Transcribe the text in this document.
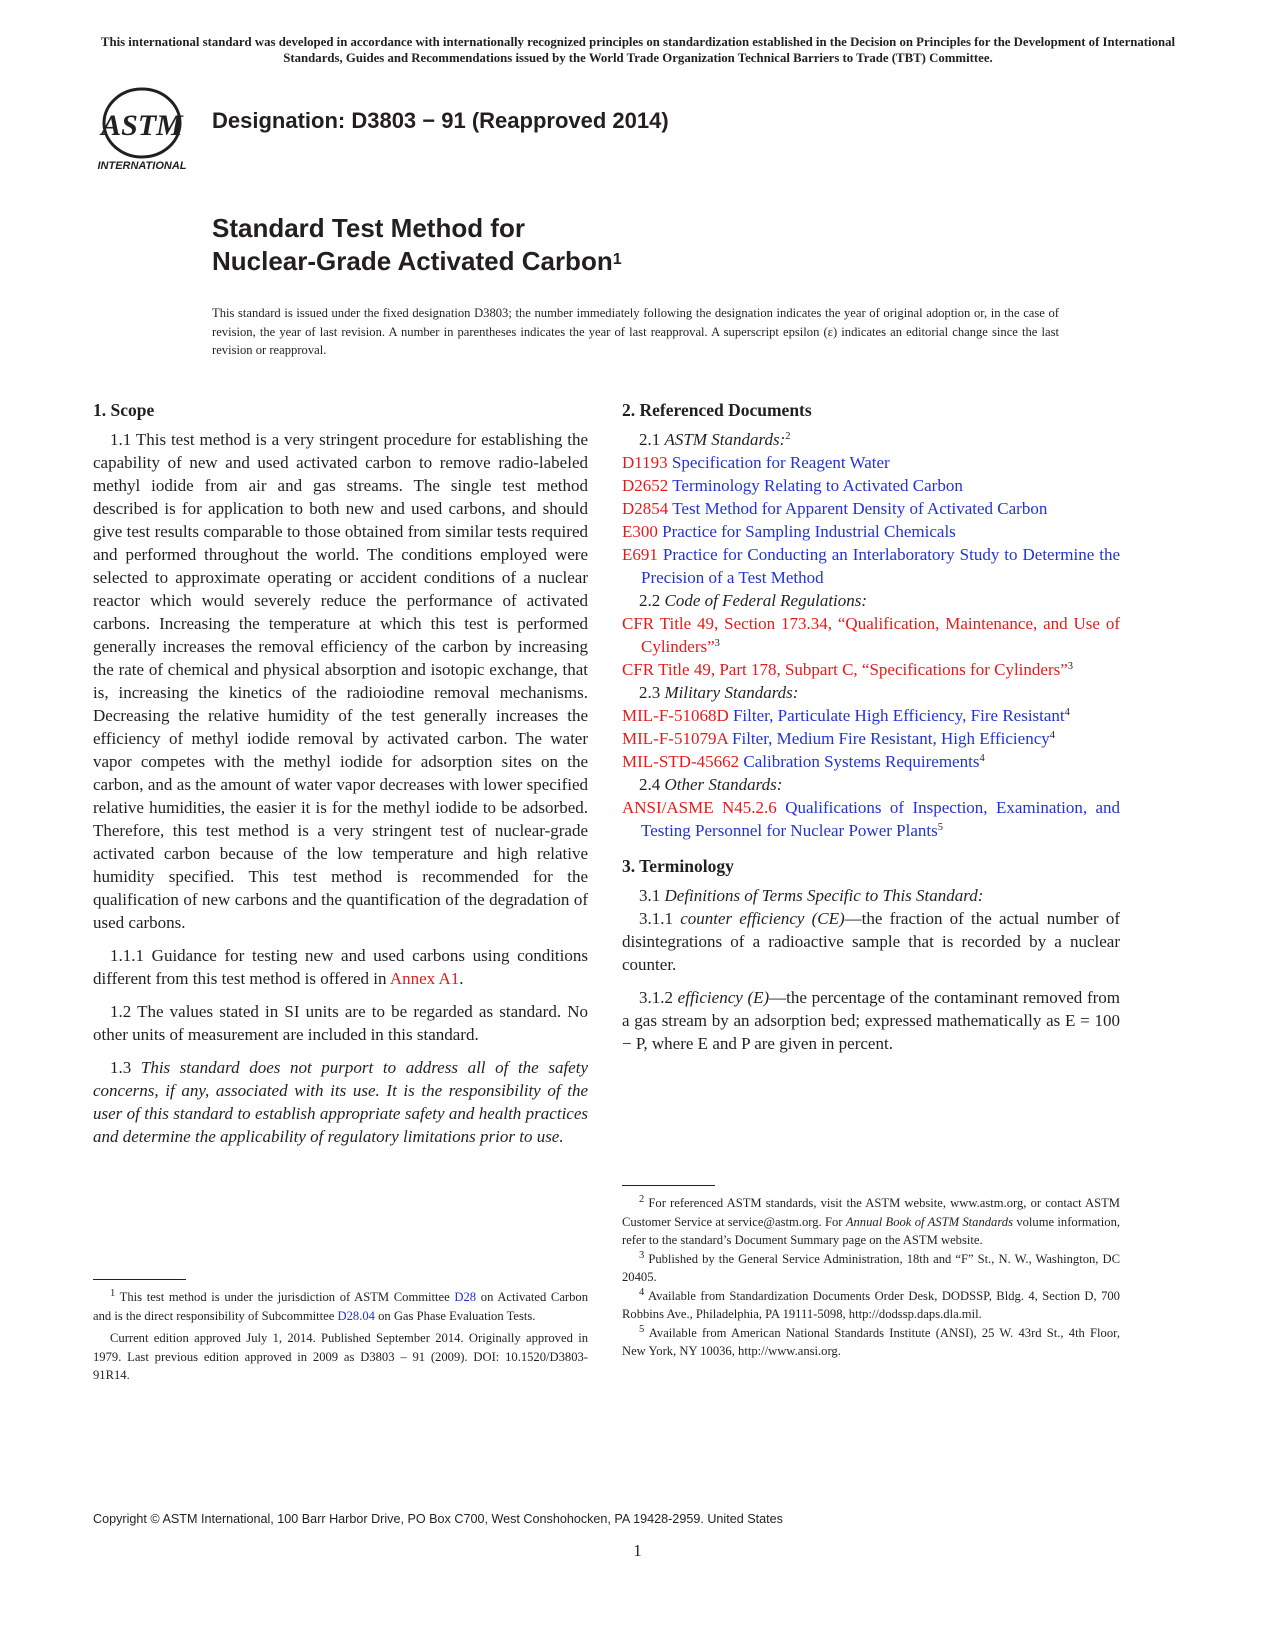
This international standard was developed in accordance with internationally recognized principles on standardization established in the Decision on Principles for the Development of International Standards, Guides and Recommendations issued by the World Trade Organization Technical Barriers to Trade (TBT) Committee.
ASTM
INTERNATIONAL
Designation: D3803 − 91 (Reapproved 2014)
Standard Test Method for
Nuclear-Grade Activated Carbon$^1$
This standard is issued under the fixed designation D3803; the number immediately following the designation indicates the year of original adoption or, in the case of revision, the year of last revision. A number in parentheses indicates the year of last reapproval. A superscript epsilon (ε) indicates an editorial change since the last revision or reapproval.
1. Scope

1.1 This test method is a very stringent procedure for establishing the capability of new and used activated carbon to remove radio-labeled methyl iodide from air and gas streams. The single test method described is for application to both new and used carbons, and should give test results comparable to those obtained from similar tests required and performed throughout the world. The conditions employed were selected to approximate operating or accident conditions of a nuclear reactor which would severely reduce the performance of activated carbons. Increasing the temperature at which this test is performed generally increases the removal efficiency of the carbon by increasing the rate of chemical and physical absorption and isotopic exchange, that is, increasing the kinetics of the radioiodine removal mechanisms. Decreasing the relative humidity of the test generally increases the efficiency of methyl iodide removal by activated carbon. The water vapor competes with the methyl iodide for adsorption sites on the carbon, and as the amount of water vapor decreases with lower specified relative humidities, the easier it is for the methyl iodide to be adsorbed. Therefore, this test method is a very stringent test of nuclear-grade activated carbon because of the low temperature and high relative humidity specified. This test method is recommended for the qualification of new carbons and the quantification of the degradation of used carbons.

1.1.1 Guidance for testing new and used carbons using conditions different from this test method is offered in Annex A1.

1.2 The values stated in SI units are to be regarded as standard. No other units of measurement are included in this standard.

1.3 This standard does not purport to address all of the safety concerns, if any, associated with its use. It is the responsibility of the user of this standard to establish appropriate safety and health practices and determine the applicability of regulatory limitations prior to use.

$^1$ This test method is under the jurisdiction of ASTM Committee D28 on Activated Carbon and is the direct responsibility of Subcommittee D28.04 on Gas Phase Evaluation Tests.

Current edition approved July 1, 2014. Published September 2014. Originally approved in 1979. Last previous edition approved in 2009 as D3803 – 91 (2009). DOI: 10.1520/D3803-91R14.

2. Referenced Documents
2.1 ASTM Standards:$^2$
D1193 Specification for Reagent Water
D2652 Terminology Relating to Activated Carbon
D2854 Test Method for Apparent Density of Activated Carbon
E300 Practice for Sampling Industrial Chemicals
E691 Practice for Conducting an Interlaboratory Study to Determine the Precision of a Test Method
2.2 Code of Federal Regulations:
CFR Title 49, Section 173.34, “Qualification, Maintenance, and Use of Cylinders”$^3$
CFR Title 49, Part 178, Subpart C, “Specifications for Cylinders”$^3$
2.3 Military Standards:
MIL-F-51068D Filter, Particulate High Efficiency, Fire Resistant$^4$
MIL-F-51079A Filter, Medium Fire Resistant, High Efficiency$^4$
MIL-STD-45662 Calibration Systems Requirements$^4$
2.4 Other Standards:
ANSI/ASME N45.2.6 Qualifications of Inspection, Examination, and Testing Personnel for Nuclear Power Plants$^5$
3. Terminology
3.1 Definitions of Terms Specific to This Standard:

3.1.1 counter efficiency (CE)—the fraction of the actual number of disintegrations of a radioactive sample that is recorded by a nuclear counter.

3.1.2 efficiency (E)—the percentage of the contaminant removed from a gas stream by an adsorption bed; expressed mathematically as E = 100 − P, where E and P are given in percent.

$^2$ For referenced ASTM standards, visit the ASTM website, www.astm.org, or contact ASTM Customer Service at service@astm.org. For Annual Book of ASTM Standards volume information, refer to the standard’s Document Summary page on the ASTM website.

$^3$ Published by the General Service Administration, 18th and “F” St., N. W., Washington, DC 20405.

$^4$ Available from Standardization Documents Order Desk, DODSSP, Bldg. 4, Section D, 700 Robbins Ave., Philadelphia, PA 19111-5098, http://dodssp.daps.dla.mil.

$^5$ Available from American National Standards Institute (ANSI), 25 W. 43rd St., 4th Floor, New York, NY 10036, http://www.ansi.org.

Copyright © ASTM International, 100 Barr Harbor Drive, PO Box C700, West Conshohocken, PA 19428-2959. United States
1
